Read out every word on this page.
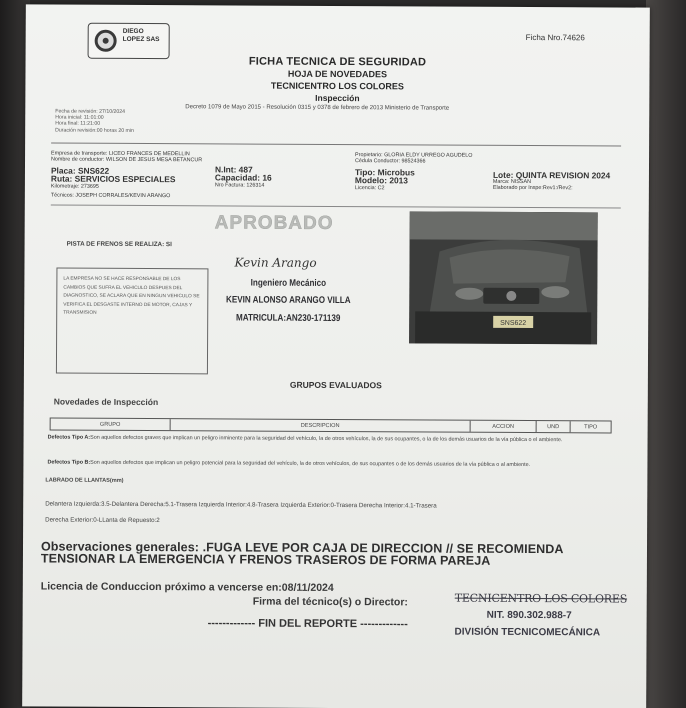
DIEGO LOPEZ SAS	Ficha Nro.74626
FICHA TECNICA DE SEGURIDAD
HOJA DE NOVEDADES
TECNICENTRO LOS COLORES
Inspección
Decreto 1079 de Mayo 2015 - Resolución 0315 y 0378 de febrero de 2013 Ministerio de Transporte
Fecha de revisión: 27/10/2024
Hora inicial: 11:01:00
Hora final: 11:21:00
Duración revisión:00 horas 20 min
Empresa de transporte: LICEO FRANCES DE MEDELLIN
Nombre de conductor: WILSON DE JESUS MESA BETANCUR
Propietario: GLORIA ELDY URREGO AGUDELO
Cédula Conductor: 98524366
Placa: SNS622	N.Int: 487
Ruta: SERVICIOS ESPECIALES	Capacidad: 16
Kilometraje: 273695	Nro Factura: 126314
Técnicos: JOSEPH CORRALES/KEVIN ARANGO
Tipo: Microbus
Modelo: 2013
Licencia: C2
Lote: QUINTA REVISION 2024
Marca: NISSAN
Elaborado por Inspe:Rev1:/Rev2:
APROBADO
PISTA DE FRENOS SE REALIZA: SI
LA EMPRESA NO SE HACE RESPONSABLE DE LOS CAMBIOS QUE SUFRA EL VEHICULO DESPUES DEL DIAGNOSTICO, SE ACLARA QUE EN NINGUN VEHICULO SE VERIFICA EL DESGASTE INTERNO DE MOTOR, CAJAS Y TRANSMISION
Kevin Arango
Ingeniero Mecánico
KEVIN ALONSO ARANGO VILLA
MATRICULA:AN230-171139	SNS622
GRUPOS EVALUADOS
Novedades de Inspección
GRUPO	DESCRIPCION	ACCION	UND	TIPO
Defectos Tipo A:Son aquellos defectos graves que implican un peligro inminente para la seguridad del vehículo, la de otros vehículos, la de sus ocupantes, o la de los demás usuarios de la vía pública o el ambiente.
Defectos Tipo B:Son aquellos defectos que implican un peligro potencial para la seguridad del vehículo, la de otros vehículos, de sus ocupantes o de los demás usuarios de la vía pública o al ambiente.
LABRADO DE LLANTAS(mm)
Delantera Izquierda:3.5-Delantera Derecha:5.1-Trasera Izquierda Interior:4.8-Trasera Izquierda Exterior:0-Trasera Derecha Interior:4.1-Trasera
Derecha Exterior:0-LLanta de Repuesto:2
Observaciones generales: .FUGA LEVE POR CAJA DE DIRECCION // SE RECOMIENDA TENSIONAR LA EMERGENCIA Y FRENOS TRASEROS DE FORMA PAREJA
Licencia de Conduccion próximo a vencerse en:08/11/2024
Firma del técnico(s) o Director:	TECNICENTRO LOS COLORES
NIT. 890.302.988-7
DIVISIÓN TECNICOMECÁNICA
------------- FIN DEL REPORTE -------------
